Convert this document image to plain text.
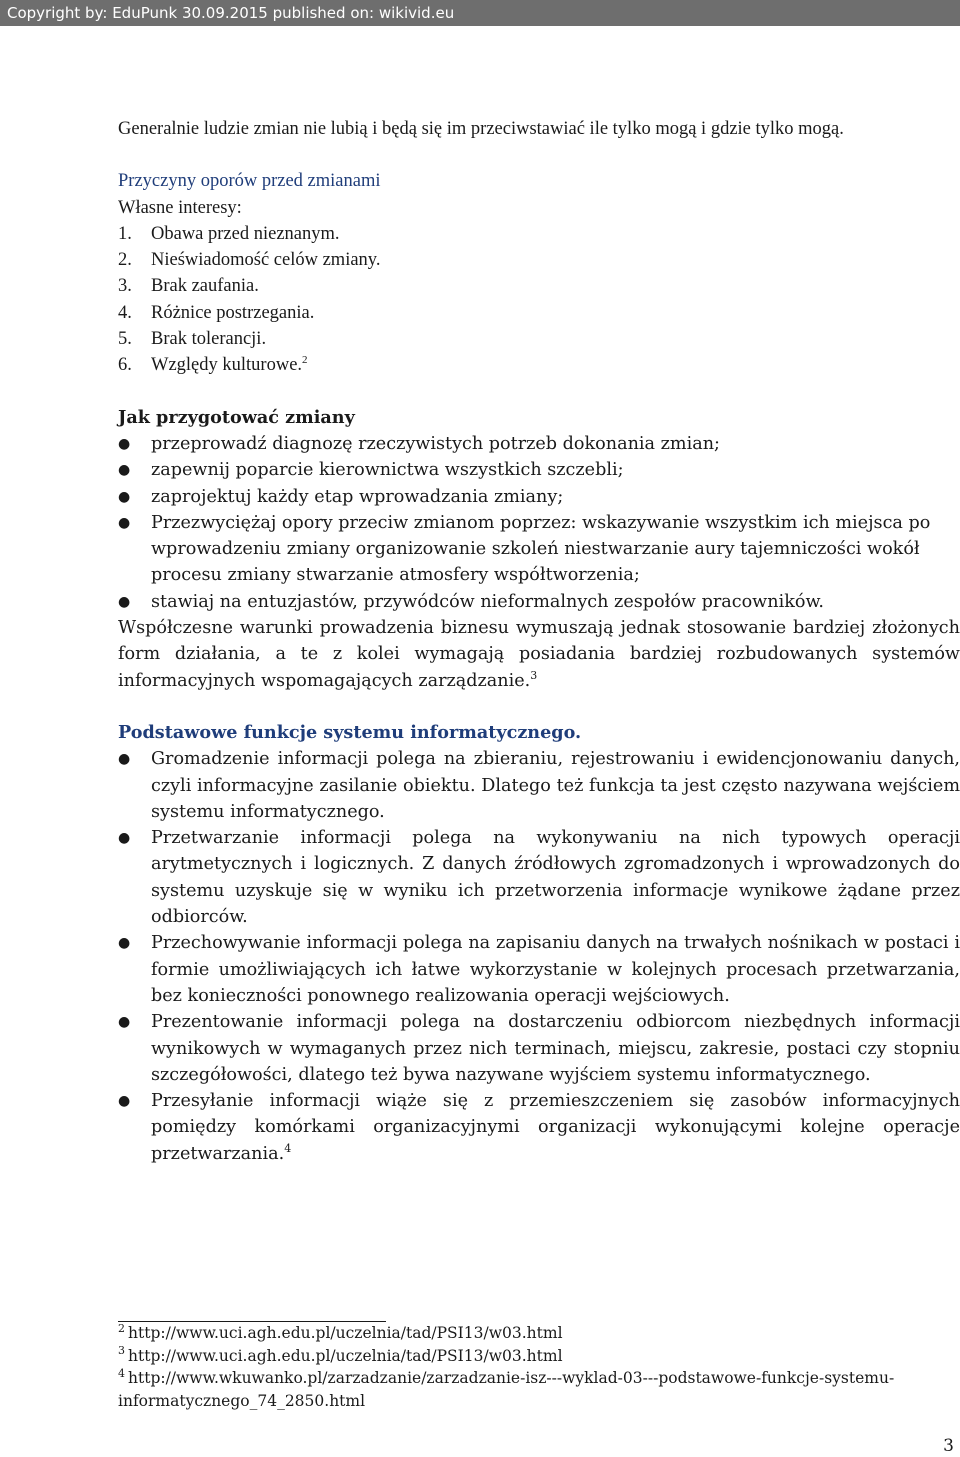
Copyright by: EduPunk 30.09.2015 published on: wikivid.eu

Generalnie ludzie zmian nie lubią i będą się im przeciwstawiać ile tylko mogą i gdzie tylko mogą.

Przyczyny oporów przed zmianami

Własne interesy:

1. Obawa przed nieznanym.
2. Nieświadomość celów zmiany.
3. Brak zaufania.
4. Różnice postrzegania.
5. Brak tolerancji.
6. Względy kulturowe.$^2$
Jak przygotować zmiany
●	przeprowadź diagnozę rzeczywistych potrzeb dokonania zmian;
●	zapewnij poparcie kierownictwa wszystkich szczebli;
●	zaprojektuj każdy etap wprowadzania zmiany;
●	Przezwyciężaj opory przeciw zmianom poprzez: wskazywanie wszystkim ich miejsca po wprowadzeniu zmiany organizowanie szkoleń niestwarzanie aury tajemniczości wokół procesu zmiany stwarzanie atmosfery współtworzenia;
●	stawiaj na entuzjastów, przywódców nieformalnych zespołów pracowników.

Współczesne warunki prowadzenia biznesu wymuszają jednak stosowanie bardziej złożonych form działania, a te z kolei wymagają posiadania bardziej rozbudowanych systemów informacyjnych wspomagających zarządzanie.$^3$

Podstawowe funkcje systemu informatycznego.
●	Gromadzenie informacji polega na zbieraniu, rejestrowaniu i ewidencjonowaniu danych, czyli informacyjne zasilanie obiektu. Dlatego też funkcja ta jest często nazywana wejściem systemu informatycznego.
●	Przetwarzanie informacji polega na wykonywaniu na nich typowych operacji arytmetycznych i logicznych. Z danych źródłowych zgromadzonych i wprowadzonych do systemu uzyskuje się w wyniku ich przetworzenia informacje wynikowe żądane przez odbiorców.
●	Przechowywanie informacji polega na zapisaniu danych na trwałych nośnikach w postaci i formie umożliwiających ich łatwe wykorzystanie w kolejnych procesach przetwarzania, bez konieczności ponownego realizowania operacji wejściowych.
●	Prezentowanie informacji polega na dostarczeniu odbiorcom niezbędnych informacji wynikowych w wymaganych przez nich terminach, miejscu, zakresie, postaci czy stopniu szczegółowości, dlatego też bywa nazywane wyjściem systemu informatycznego.
●	Przesyłanie informacji wiąże się z przemieszczeniem się zasobów informacyjnych pomiędzy komórkami organizacyjnymi organizacji wykonującymi kolejne operacje przetwarzania.$^4$

$^2$ http://www.uci.agh.edu.pl/uczelnia/tad/PSI13/w03.html

$^3$ http://www.uci.agh.edu.pl/uczelnia/tad/PSI13/w03.html

$^4$ http://www.wkuwanko.pl/zarzadzanie/zarzadzanie-isz---wyklad-03---podstawowe-funkcje-systemu-informatycznego_74_2850.html

3
